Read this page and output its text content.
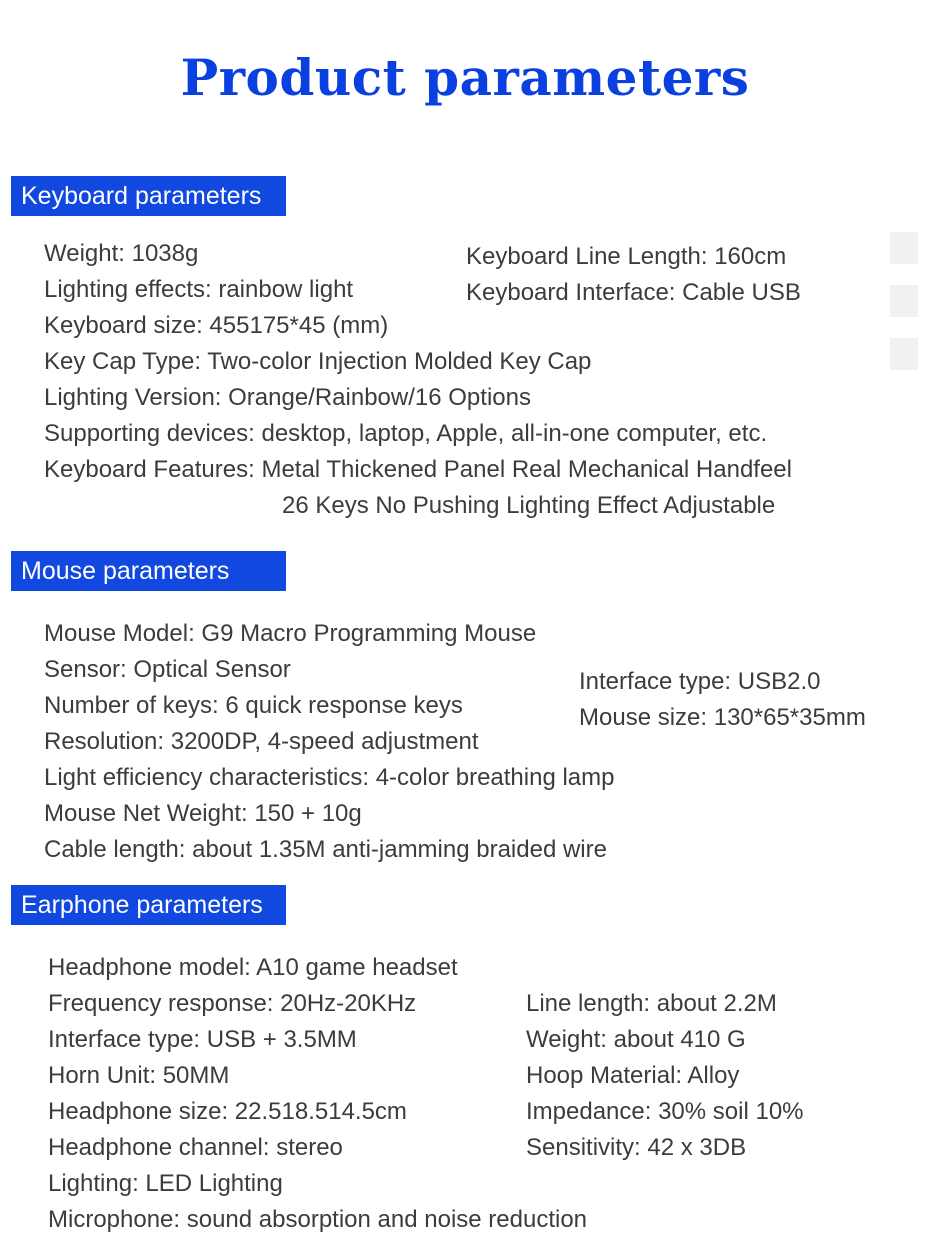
Product parameters
Keyboard parameters
Weight: 1038g
Lighting effects: rainbow light
Keyboard size: 455175*45 (mm)
Key Cap Type: Two-color Injection Molded Key Cap
Lighting Version: Orange/Rainbow/16 Options
Supporting devices: desktop, laptop, Apple, all-in-one computer, etc.
Keyboard Features: Metal Thickened Panel Real Mechanical Handfeel
26 Keys No Pushing Lighting Effect Adjustable
Keyboard Line Length: 160cm
Keyboard Interface: Cable USB
Mouse parameters
Mouse Model: G9 Macro Programming Mouse
Sensor: Optical Sensor
Number of keys: 6 quick response keys
Resolution: 3200DP, 4-speed adjustment
Light efficiency characteristics: 4-color breathing lamp
Mouse Net Weight: 150 + 10g
Cable length: about 1.35M anti-jamming braided wire
Interface type: USB2.0
Mouse size: 130*65*35mm
Earphone parameters
Headphone model: A10 game headset
Frequency response: 20Hz-20KHz
Interface type: USB + 3.5MM
Horn Unit: 50MM
Headphone size: 22.518.514.5cm
Headphone channel: stereo
Lighting: LED Lighting
Microphone: sound absorption and noise reduction
Line length: about 2.2M
Weight: about 410 G
Hoop Material: Alloy
Impedance: 30% soil 10%
Sensitivity: 42 x 3DB
